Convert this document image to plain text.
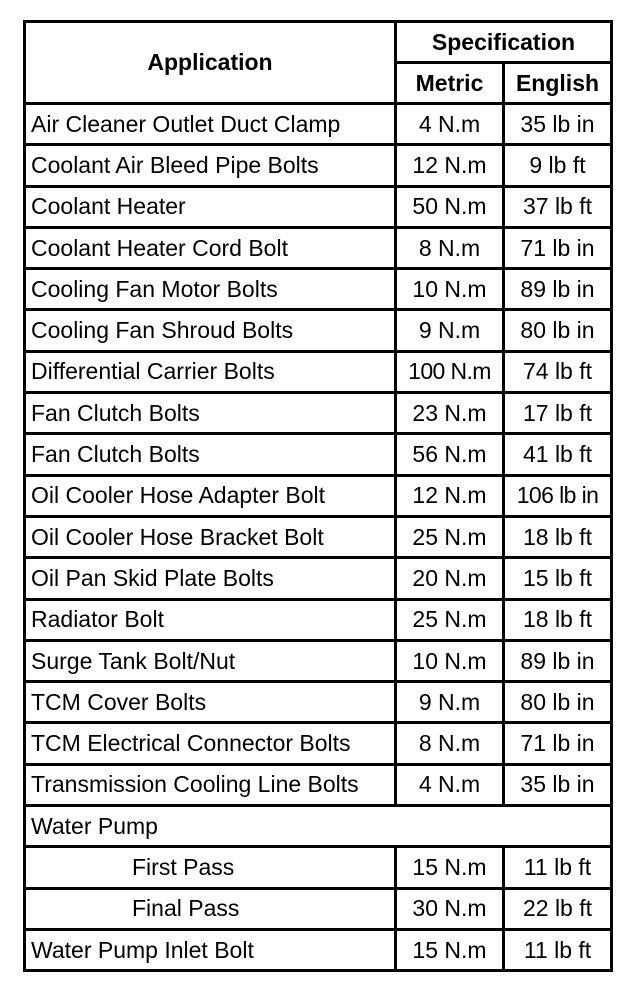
Application	Specification	
	Metric	English
Air Cleaner Outlet Duct Clamp	4 N.m	35 lb in
Coolant Air Bleed Pipe Bolts	12 N.m	9 lb ft
Coolant Heater	50 N.m	37 lb ft
Coolant Heater Cord Bolt	8 N.m	71 lb in
Cooling Fan Motor Bolts	10 N.m	89 lb in
Cooling Fan Shroud Bolts	9 N.m	80 lb in
Differential Carrier Bolts	100 N.m	74 lb ft
Fan Clutch Bolts	23 N.m	17 lb ft
Fan Clutch Bolts	56 N.m	41 lb ft
Oil Cooler Hose Adapter Bolt	12 N.m	106 lb in
Oil Cooler Hose Bracket Bolt	25 N.m	18 lb ft
Oil Pan Skid Plate Bolts	20 N.m	15 lb ft
Radiator Bolt	25 N.m	18 lb ft
Surge Tank Bolt/Nut	10 N.m	89 lb in
TCM Cover Bolts	9 N.m	80 lb in
TCM Electrical Connector Bolts	8 N.m	71 lb in
Transmission Cooling Line Bolts	4 N.m	35 lb in
Water Pump		
First Pass	15 N.m	11 lb ft
Final Pass	30 N.m	22 lb ft
Water Pump Inlet Bolt	15 N.m	11 lb ft
